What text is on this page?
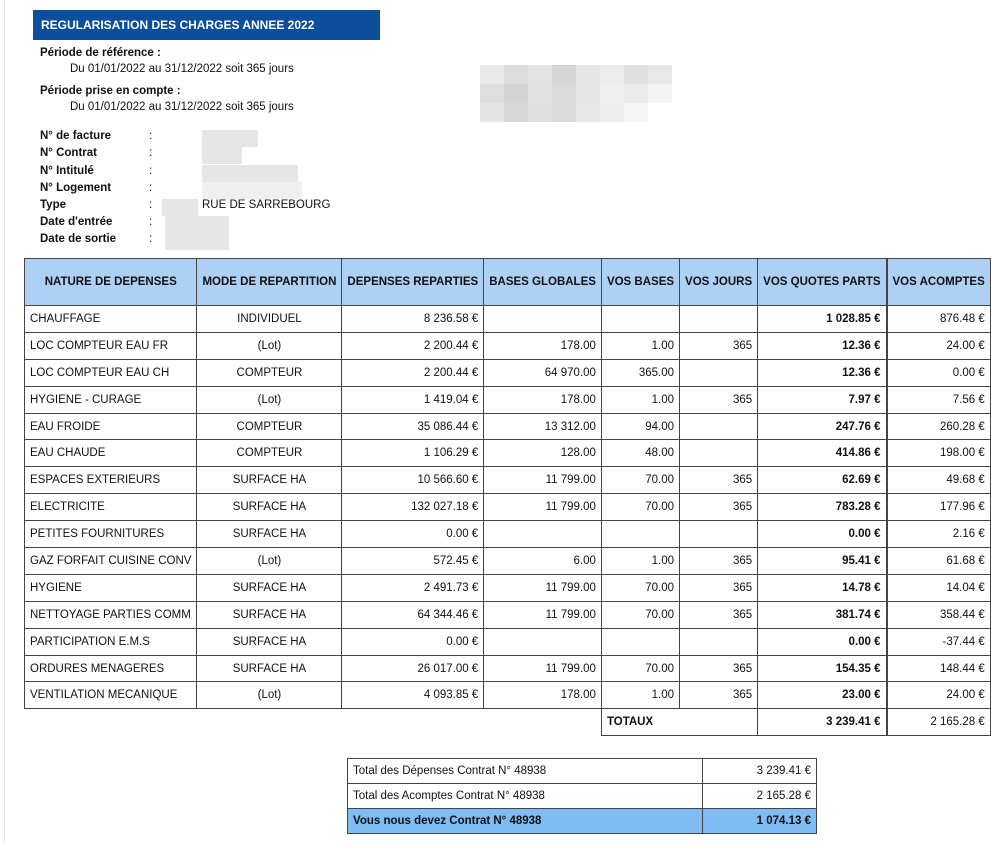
REGULARISATION DES CHARGES ANNEE 2022
Période de référence :
Du 01/01/2022 au 31/12/2022 soit 365 jours
Période prise en compte :
Du 01/01/2022 au 31/12/2022 soit 365 jours
N° de facture	:
N° Contrat	:
N° Intitulé	:
N° Logement	:
Type	:	RUE DE SARREBOURG
Date d'entrée	:
Date de sortie	:
NATURE DE DEPENSES	MODE DE REPARTITION	DEPENSES REPARTIES	BASES GLOBALES	VOS BASES	VOS JOURS	VOS QUOTES PARTS		VOS ACOMPTES
CHAUFFAGE	INDIVIDUEL	8 236.58 €				1 028.85 €		876.48 €
LOC COMPTEUR EAU FR	(Lot)	2 200.44 €	178.00	1.00	365	12.36 €		24.00 €
LOC COMPTEUR EAU CH	COMPTEUR	2 200.44 €	64 970.00	365.00		12.36 €		0.00 €
HYGIENE - CURAGE	(Lot)	1 419.04 €	178.00	1.00	365	7.97 €		7.56 €
EAU FROIDE	COMPTEUR	35 086.44 €	13 312.00	94.00		247.76 €		260.28 €
EAU CHAUDE	COMPTEUR	1 106.29 €	128.00	48.00		414.86 €		198.00 €
ESPACES EXTERIEURS	SURFACE HA	10 566.60 €	11 799.00	70.00	365	62.69 €		49.68 €
ELECTRICITE	SURFACE HA	132 027.18 €	11 799.00	70.00	365	783.28 €		177.96 €
PETITES FOURNITURES	SURFACE HA	0.00 €				0.00 €		2.16 €
GAZ FORFAIT CUISINE CONV	(Lot)	572.45 €	6.00	1.00	365	95.41 €		61.68 €
HYGIENE	SURFACE HA	2 491.73 €	11 799.00	70.00	365	14.78 €		14.04 €
NETTOYAGE PARTIES COMM	SURFACE HA	64 344.46 €	11 799.00	70.00	365	381.74 €		358.44 €
PARTICIPATION E.M.S	SURFACE HA	0.00 €				0.00 €		-37.44 €
ORDURES MENAGERES	SURFACE HA	26 017.00 €	11 799.00	70.00	365	154.35 €		148.44 €
VENTILATION MECANIQUE	(Lot)	4 093.85 €	178.00	1.00	365	23.00 €		24.00 €
				TOTAUX		3 239.41 €		2 165.28 €
Total des Dépenses Contrat N° 48938	3 239.41 €
Total des Acomptes Contrat N° 48938	2 165.28 €
Vous nous devez Contrat N° 48938	1 074.13 €
